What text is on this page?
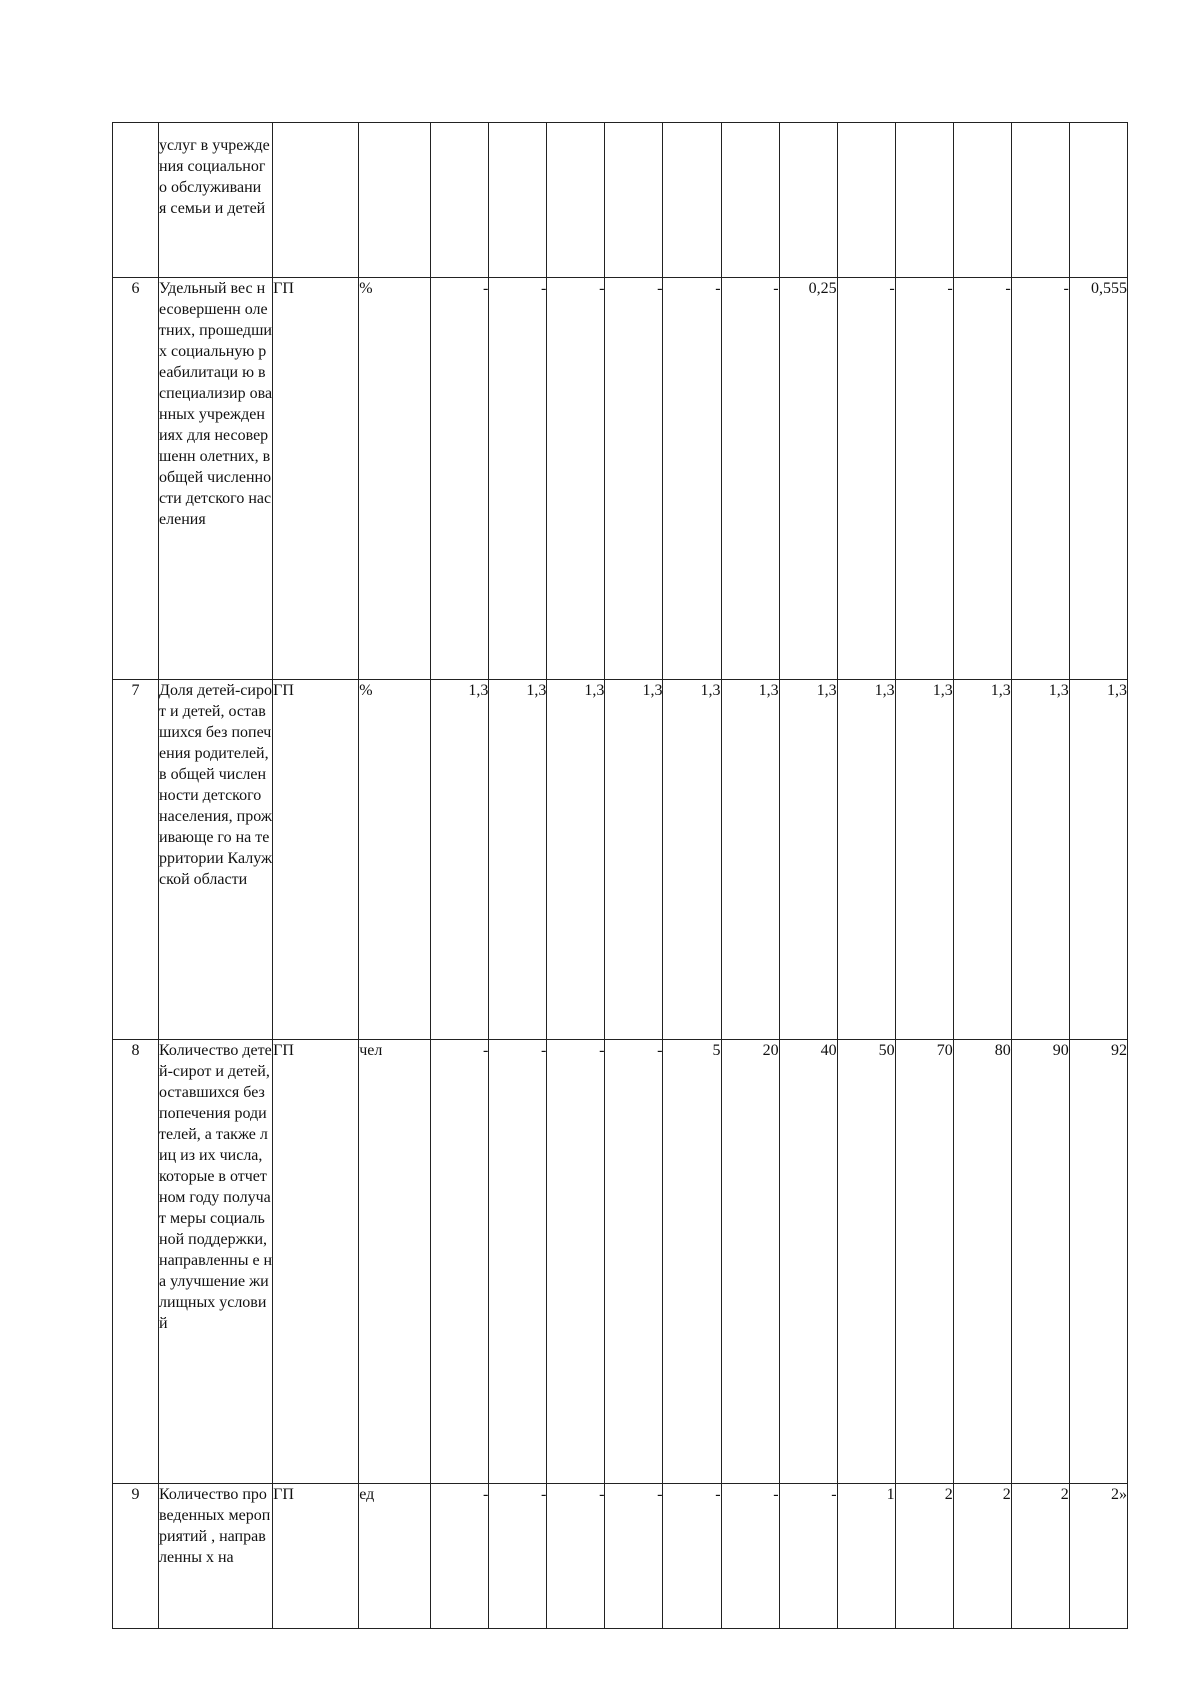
	услуг в учреждения социального обслуживани я семьи и детей														
6	Удельный вес несовершенн олетних, прошедших социальную реабилитаци ю в специализир ованных учреждениях для несовершенн олетних, в общей численности детского населения	ГП	%	-	-	-	-	-	-	0,25	-	-	-	-	0,555
7	Доля детей-сирот и детей, оставшихся без попечения родителей, в общей численности детского населения, проживающе го на территории Калужской области	ГП	%	1,3	1,3	1,3	1,3	1,3	1,3	1,3	1,3	1,3	1,3	1,3	1,3
8	Количество детей-сирот и детей, оставшихся без попечения родителей, а также лиц из их числа, которые в отчетном году получат меры социальной поддержки, направленны е на улучшение жилищных условий	ГП	чел	-	-	-	-	5	20	40	50	70	80	90	92
9	Количество проведенных мероприятий , направленны х на	ГП	ед	-	-	-	-	-	-	-	1	2	2	2	2»
